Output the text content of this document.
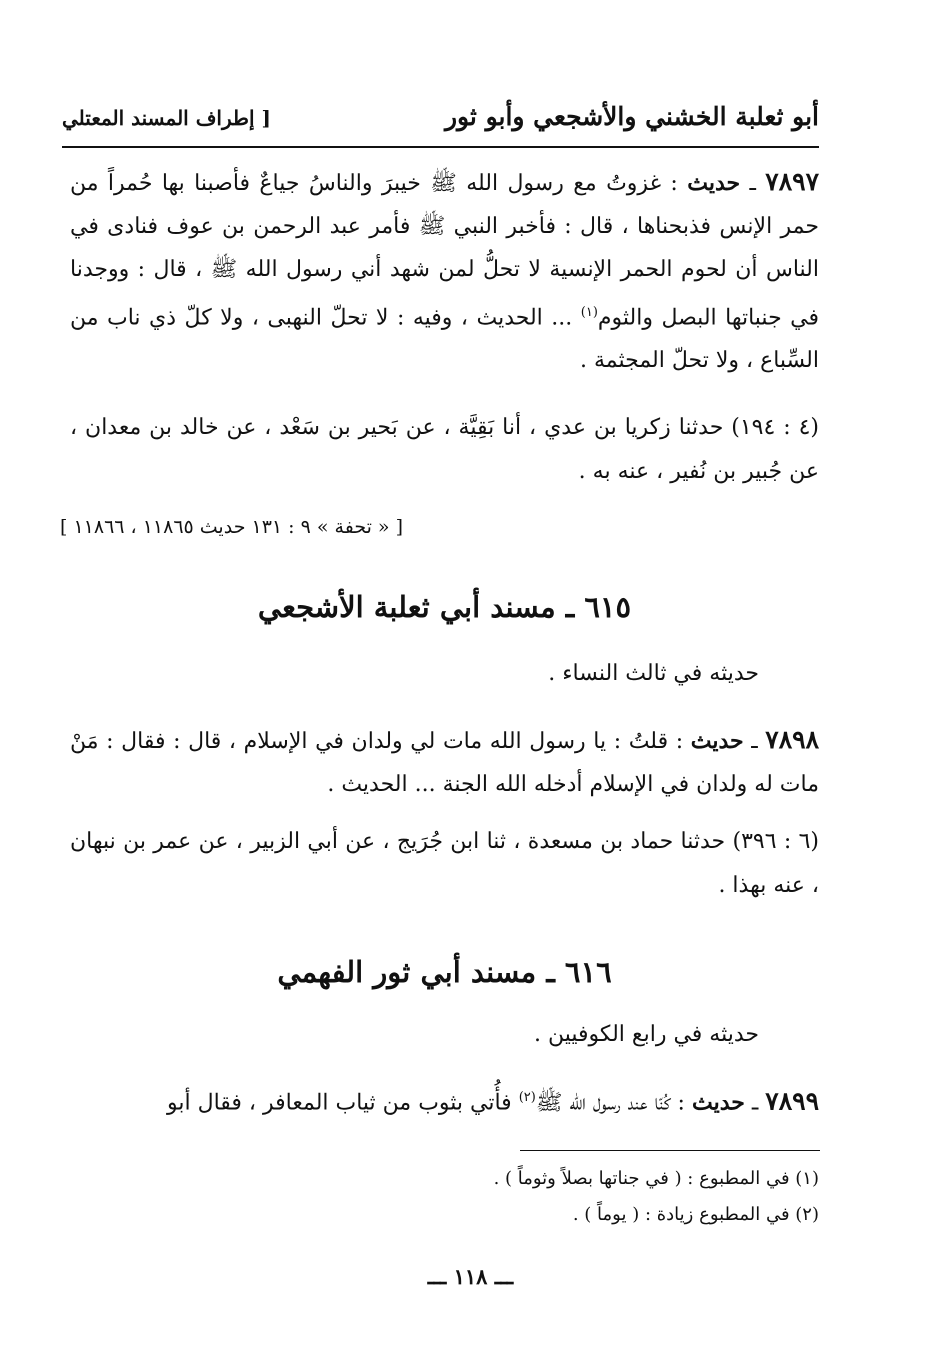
أبو ثعلبة الخشني والأشجعي وأبو ثور
[ إطراف المسند المعتلي
٧٨٩٧ ـ حديث : غزوتُ مع رسول الله ﷺ خيبرَ والناسُ جياعٌ فأصبنا بها حُمراً من حمر الإنس فذبحناها ، قال : فأخبر النبي ﷺ فأمر عبد الرحمن بن عوف فنادى في الناس أن لحوم الحمر الإنسية لا تحلُّ لمن شهد أني رسول الله ﷺ ، قال : ووجدنا في جنباتها البصل والثوم$^{(١)}$ ... الحديث ، وفيه : لا تحلّ النهبى ، ولا كلّ ذي ناب من السِّباع ، ولا تحلّ المجثمة .
(٤ : ١٩٤) حدثنا زكريا بن عدي ، أنا بَقِيَّة ، عن بَحير بن سَعْد ، عن خالد بن معدان ، عن جُبير بن نُفير ، عنه به .
[ « تحفة » ٩ : ١٣١ حديث ١١٨٦٥ ، ١١٨٦٦ ]
٦١٥ ـ مسند أبي ثعلبة الأشجعي
حديثه في ثالث النساء .
٧٨٩٨ ـ حديث : قلتُ : يا رسول الله مات لي ولدان في الإسلام ، قال : فقال : مَنْ مات له ولدان في الإسلام أدخله الله الجنة ... الحديث .
(٦ : ٣٩٦) حدثنا حماد بن مسعدة ، ثنا ابن جُرَيج ، عن أبي الزبير ، عن عمر بن نبهان ، عنه بهذا .
٦١٦ ـ مسند أبي ثور الفهمي
حديثه في رابع الكوفيين .
٧٨٩٩ ـ حديث : كُنّا عند رسول الله ﷺ$^{(٢)}$ فأُتي بثوب من ثياب المعافر ، فقال أبو
(١) في المطبوع : ( في جناتها بصلاً وثوماً ) .
(٢) في المطبوع زيادة : ( يوماً ) .
ـــ ١١٨ ـــ
